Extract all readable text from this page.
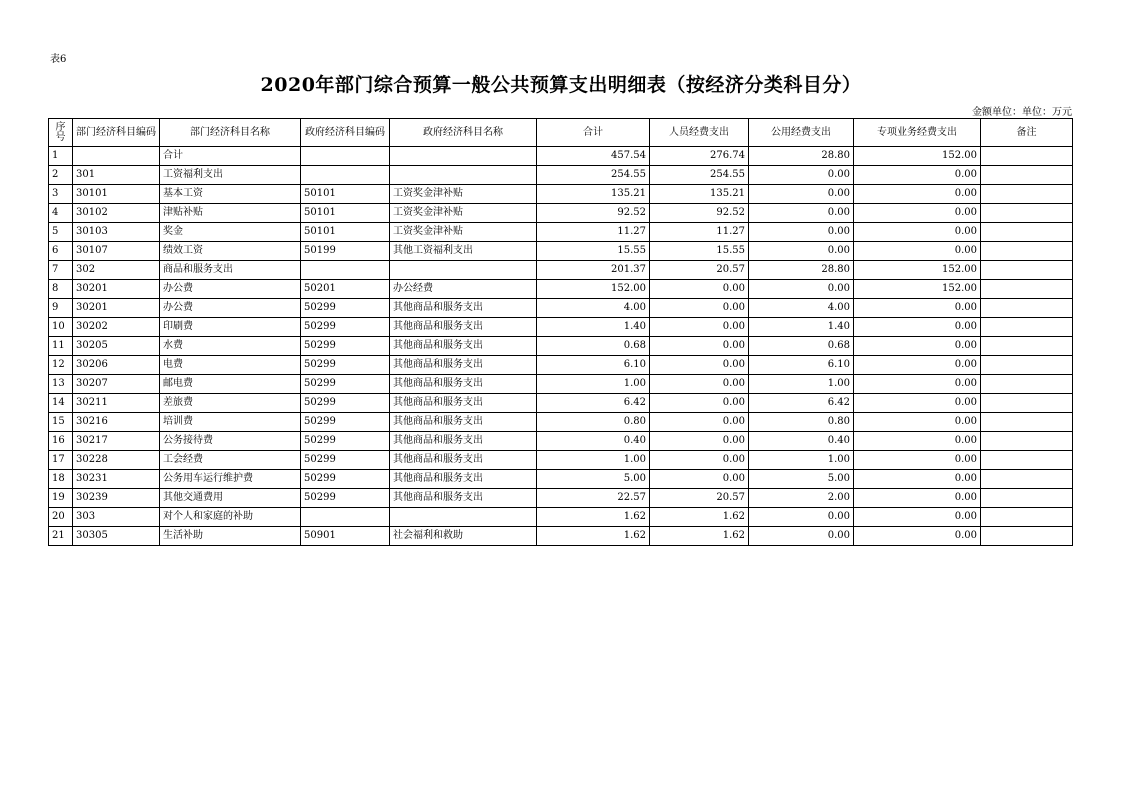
表6
2020年部门综合预算一般公共预算支出明细表（按经济分类科目分）
金额单位：单位：万元
序号	部门经济科目编码	部门经济科目名称	政府经济科目编码	政府经济科目名称	合计	人员经费支出	公用经费支出	专项业务经费支出	备注
1		合计			457.54	276.74	28.80	152.00	
2	301	工资福利支出			254.55	254.55	0.00	0.00	
3	30101	基本工资	50101	工资奖金津补贴	135.21	135.21	0.00	0.00	
4	30102	津贴补贴	50101	工资奖金津补贴	92.52	92.52	0.00	0.00	
5	30103	奖金	50101	工资奖金津补贴	11.27	11.27	0.00	0.00	
6	30107	绩效工资	50199	其他工资福利支出	15.55	15.55	0.00	0.00	
7	302	商品和服务支出			201.37	20.57	28.80	152.00	
8	30201	办公费	50201	办公经费	152.00	0.00	0.00	152.00	
9	30201	办公费	50299	其他商品和服务支出	4.00	0.00	4.00	0.00	
10	30202	印刷费	50299	其他商品和服务支出	1.40	0.00	1.40	0.00	
11	30205	水费	50299	其他商品和服务支出	0.68	0.00	0.68	0.00	
12	30206	电费	50299	其他商品和服务支出	6.10	0.00	6.10	0.00	
13	30207	邮电费	50299	其他商品和服务支出	1.00	0.00	1.00	0.00	
14	30211	差旅费	50299	其他商品和服务支出	6.42	0.00	6.42	0.00	
15	30216	培训费	50299	其他商品和服务支出	0.80	0.00	0.80	0.00	
16	30217	公务接待费	50299	其他商品和服务支出	0.40	0.00	0.40	0.00	
17	30228	工会经费	50299	其他商品和服务支出	1.00	0.00	1.00	0.00	
18	30231	公务用车运行维护费	50299	其他商品和服务支出	5.00	0.00	5.00	0.00	
19	30239	其他交通费用	50299	其他商品和服务支出	22.57	20.57	2.00	0.00	
20	303	对个人和家庭的补助			1.62	1.62	0.00	0.00	
21	30305	生活补助	50901	社会福利和救助	1.62	1.62	0.00	0.00	
